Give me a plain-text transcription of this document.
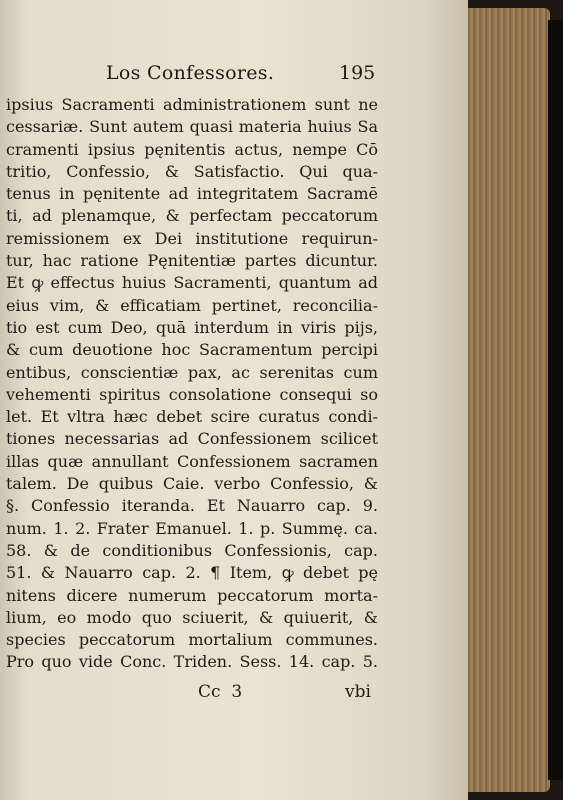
Los Confessores.	195
ipsius Sacramenti administrationem sunt ne
cessariæ. Sunt autem quasi materia huius Sa
cramenti ipsius pęnitentis actus, nempe Cō
tritio, Confessio, & Satisfactio. Qui qua-
tenus in pęnitente ad integritatem Sacramē
ti, ad plenamque, & perfectam peccatorum
remissionem ex Dei institutione requirun-
tur, hac ratione Pęnitentiæ partes dicuntur.
Et ꝙ effectus huius Sacramenti, quantum ad
eius vim, & efficatiam pertinet, reconcilia-
tio est cum Deo, quā interdum in viris pijs,
& cum deuotione hoc Sacramentum percipi
entibus, conscientiæ pax, ac serenitas cum
vehementi spiritus consolatione consequi so
let. Et vltra hæc debet scire curatus condi-
tiones necessarias ad Confessionem scilicet
illas quæ annullant Confessionem sacramen
talem. De quibus Caie. verbo Confessio, &
§. Confessio iteranda. Et Nauarro cap. 9.
num. 1. 2. Frater Emanuel. 1. p. Summę. ca.
58. & de conditionibus Confessionis, cap.
51. & Nauarro cap. 2. ¶ Item, ꝙ debet pę
nitens dicere numerum peccatorum morta-
lium, eo modo quo sciuerit, & quiuerit, &
species peccatorum mortalium communes.
Pro quo vide Conc. Triden. Sess. 14. cap. 5.
Cc  3	vbi
